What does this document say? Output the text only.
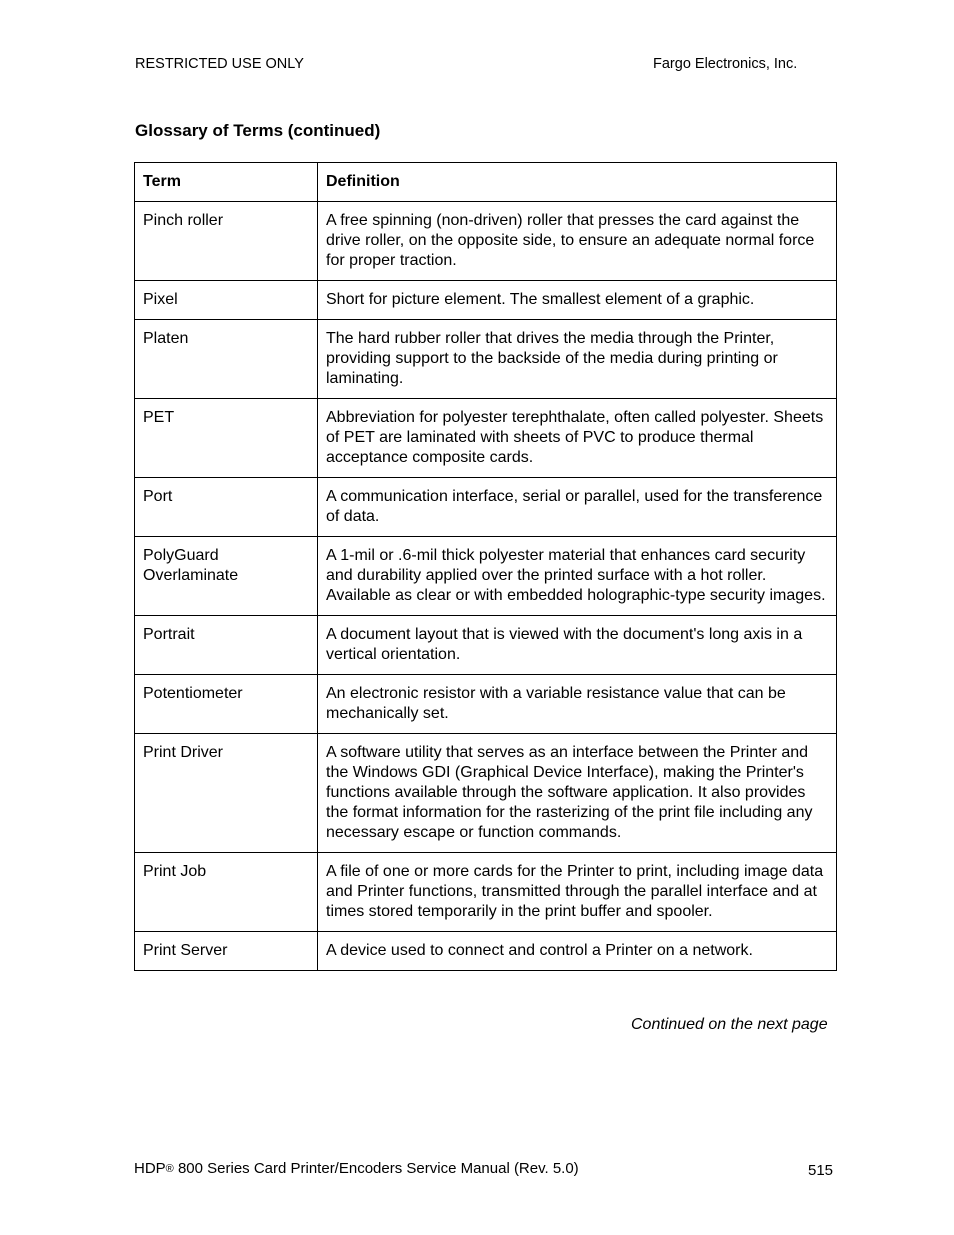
RESTRICTED USE ONLY	Fargo Electronics, Inc.
Glossary of Terms (continued)
Term	Definition
Pinch roller	A free spinning (non-driven) roller that presses the card against the drive roller, on the opposite side, to ensure an adequate normal force for proper traction.
Pixel	Short for picture element. The smallest element of a graphic.
Platen	The hard rubber roller that drives the media through the Printer, providing support to the backside of the media during printing or laminating.
PET	Abbreviation for polyester terephthalate, often called polyester. Sheets of PET are laminated with sheets of PVC to produce thermal acceptance composite cards.
Port	A communication interface, serial or parallel, used for the transference of data.
PolyGuard Overlaminate	A 1-mil or .6-mil thick polyester material that enhances card security and durability applied over the printed surface with a hot roller. Available as clear or with embedded holographic-type security images.
Portrait	A document layout that is viewed with the document's long axis in a vertical orientation.
Potentiometer	An electronic resistor with a variable resistance value that can be mechanically set.
Print Driver	A software utility that serves as an interface between the Printer and the Windows GDI (Graphical Device Interface), making the Printer's functions available through the software application. It also provides the format information for the rasterizing of the print file including any necessary escape or function commands.
Print Job	A file of one or more cards for the Printer to print, including image data and Printer functions, transmitted through the parallel interface and at times stored temporarily in the print buffer and spooler.
Print Server	A device used to connect and control a Printer on a network.
Continued on the next page
HDP® 800 Series Card Printer/Encoders Service Manual (Rev. 5.0)	515
